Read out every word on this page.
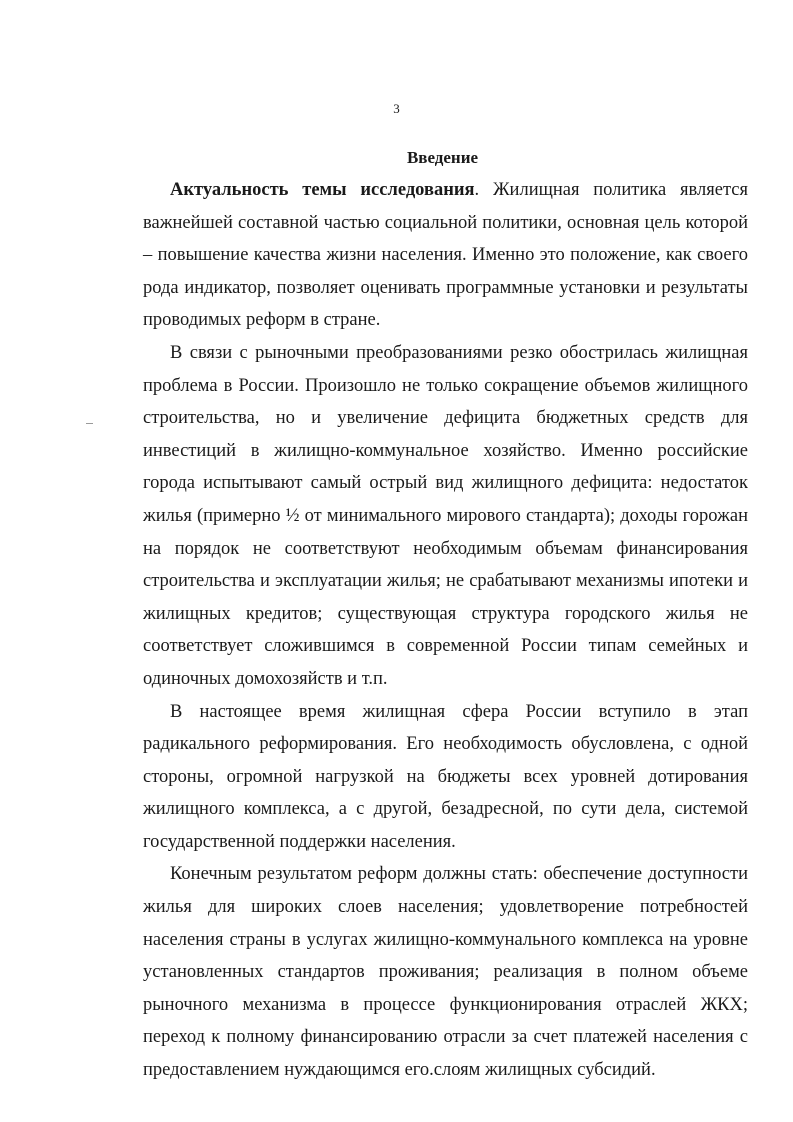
3
Введение

Актуальность темы исследования. Жилищная политика является важнейшей составной частью социальной политики, основная цель которой – повышение качества жизни населения. Именно это положение, как своего рода индикатор, позволяет оценивать программные установки и результаты проводимых реформ в стране.

В связи с рыночными преобразованиями резко обострилась жилищная проблема в России. Произошло не только сокращение объемов жилищного строительства, но и увеличение дефицита бюджетных средств для инвестиций в жилищно-коммунальное хозяйство. Именно российские города испытывают самый острый вид жилищного дефицита: недостаток жилья (примерно ½ от минимального мирового стандарта); доходы горожан на порядок не соответствуют необходимым объемам финансирования строительства и эксплуатации жилья; не срабатывают механизмы ипотеки и жилищных кредитов; существующая структура городского жилья не соответствует сложившимся в современной России типам семейных и одиночных домохозяйств и т.п.

В настоящее время жилищная сфера России вступило в этап радикального реформирования. Его необходимость обусловлена, с одной стороны, огромной нагрузкой на бюджеты всех уровней дотирования жилищного комплекса, а с другой, безадресной, по сути дела, системой государственной поддержки населения.

Конечным результатом реформ должны стать: обеспечение доступности жилья для широких слоев населения; удовлетворение потребностей населения страны в услугах жилищно-коммунального комплекса на уровне установленных стандартов проживания; реализация в полном объеме рыночного механизма в процессе функционирования отраслей ЖКХ; переход к полному финансированию отрасли за счет платежей населения с предоставлением нуждающимся его.слоям жилищных субсидий.
